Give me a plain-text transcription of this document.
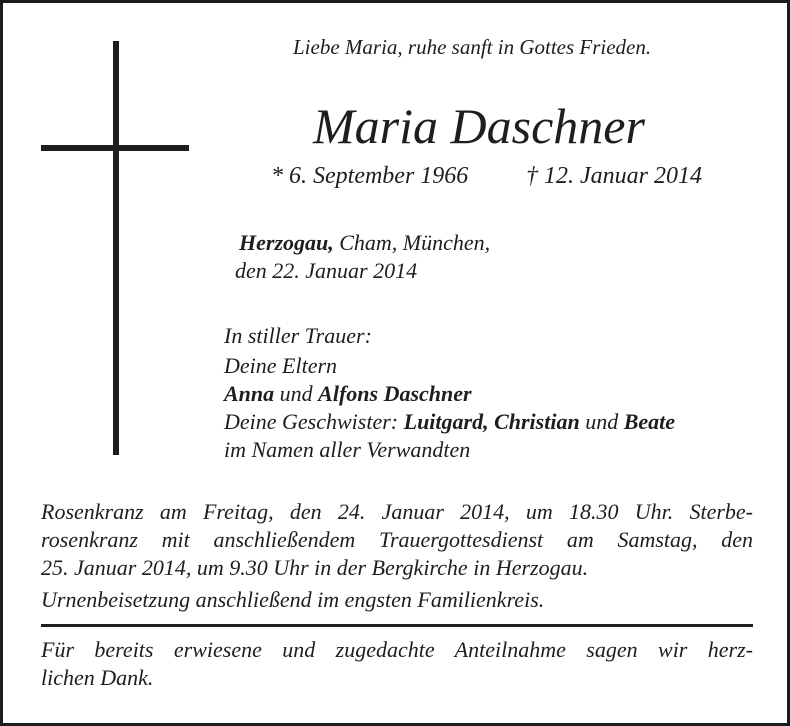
Liebe Maria, ruhe sanft in Gottes Frieden.
Maria Daschner
* 6. September 1966 † 12. Januar 2014
Herzogau, Cham, München,
den 22. Januar 2014
In stiller Trauer:
Deine Eltern
Anna und Alfons Daschner
Deine Geschwister: Luitgard, Christian und Beate
im Namen aller Verwandten
Rosenkranz am Freitag, den 24. Januar 2014, um 18.30 Uhr. Sterbe-
rosenkranz mit anschließendem Trauergottesdienst am Samstag, den
25. Januar 2014, um 9.30 Uhr in der Bergkirche in Herzogau.
Urnenbeisetzung anschließend im engsten Familienkreis.
Für bereits erwiesene und zugedachte Anteilnahme sagen wir herz-
lichen Dank.
